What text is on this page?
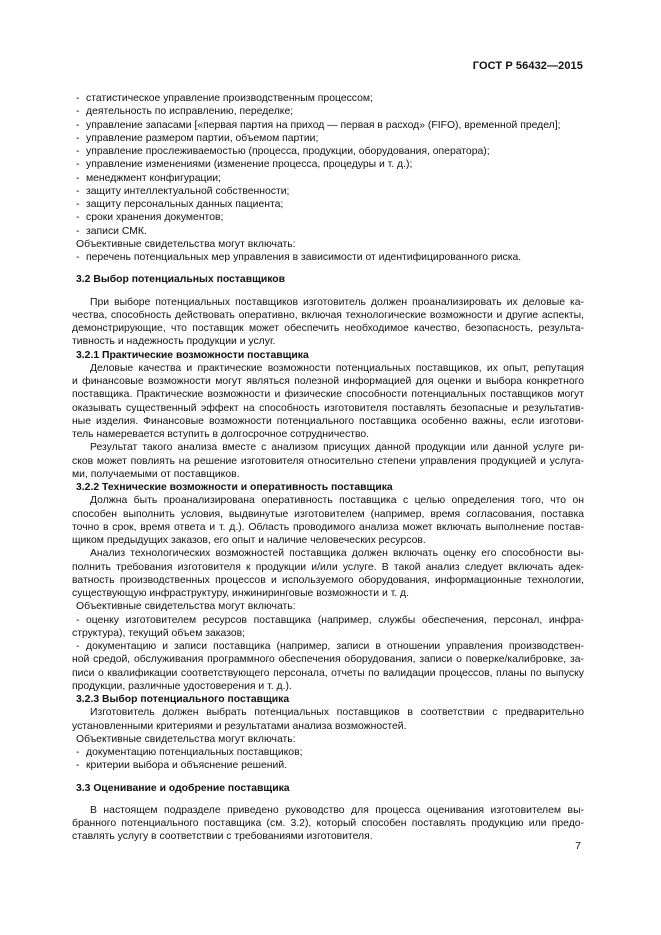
ГОСТ Р 56432—2015
- статистическое управление производственным процессом;
- деятельность по исправлению, переделке;
- управление запасами [«первая партия на приход — первая в расход» (FIFO), временной предел];
- управление размером партии, объемом партии;
- управление прослеживаемостью (процесса, продукции, оборудования, оператора);
- управление изменениями (изменение процесса, процедуры и т. д.);
- менеджмент конфигурации;
- защиту интеллектуальной собственности;
- защиту персональных данных пациента;
- сроки хранения документов;
- записи СМК.
Объективные свидетельства могут включать:
- перечень потенциальных мер управления в зависимости от идентифицированного риска.
3.2 Выбор потенциальных поставщиков
При выборе потенциальных поставщиков изготовитель должен проанализировать их деловые ка-
чества, способность действовать оперативно, включая технологические возможности и другие аспекты,
демонстрирующие, что поставщик может обеспечить необходимое качество, безопасность, результа-
тивность и надежность продукции и услуг.
3.2.1 Практические возможности поставщика
Деловые качества и практические возможности потенциальных поставщиков, их опыт, репутация
и финансовые возможности могут являться полезной информацией для оценки и выбора конкретного
поставщика. Практические возможности и физические способности потенциальных поставщиков могут
оказывать существенный эффект на способность изготовителя поставлять безопасные и результатив-
ные изделия. Финансовые возможности потенциального поставщика особенно важны, если изготови-
тель намеревается вступить в долгосрочное сотрудничество.
Результат такого анализа вместе с анализом присущих данной продукции или данной услуге ри-
сков может повлиять на решение изготовителя относительно степени управления продукцией и услуга-
ми, получаемыми от поставщиков.
3.2.2 Технические возможности и оперативность поставщика
Должна быть проанализирована оперативность поставщика с целью определения того, что он
способен выполнить условия, выдвинутые изготовителем (например, время согласования, поставка
точно в срок, время ответа и т. д.). Область проводимого анализа может включать выполнение постав-
щиком предыдущих заказов, его опыт и наличие человеческих ресурсов.
Анализ технологических возможностей поставщика должен включать оценку его способности вы-
полнить требования изготовителя к продукции и/или услуге. В такой анализ следует включать адек-
ватность производственных процессов и используемого оборудования, информационные технологии,
существующую инфраструктуру, инжиниринговые возможности и т. д.
Объективные свидетельства могут включать:
- оценку изготовителем ресурсов поставщика (например, службы обеспечения, персонал, инфра-
структура), текущий объем заказов;
- документацию и записи поставщика (например, записи в отношении управления производствен-
ной средой, обслуживания программного обеспечения оборудования, записи о поверке/калибровке, за-
писи о квалификации соответствующего персонала, отчеты по валидации процессов, планы по выпуску
продукции, различные удостоверения и т. д.).
3.2.3 Выбор потенциального поставщика
Изготовитель должен выбрать потенциальных поставщиков в соответствии с предварительно
установленными критериями и результатами анализа возможностей.
Объективные свидетельства могут включать:
- документацию потенциальных поставщиков;
- критерии выбора и объяснение решений.
3.3 Оценивание и одобрение поставщика
В настоящем подразделе приведено руководство для процесса оценивания изготовителем вы-
бранного потенциального поставщика (см. 3.2), который способен поставлять продукцию или предо-
ставлять услугу в соответствии с требованиями изготовителя.
7
